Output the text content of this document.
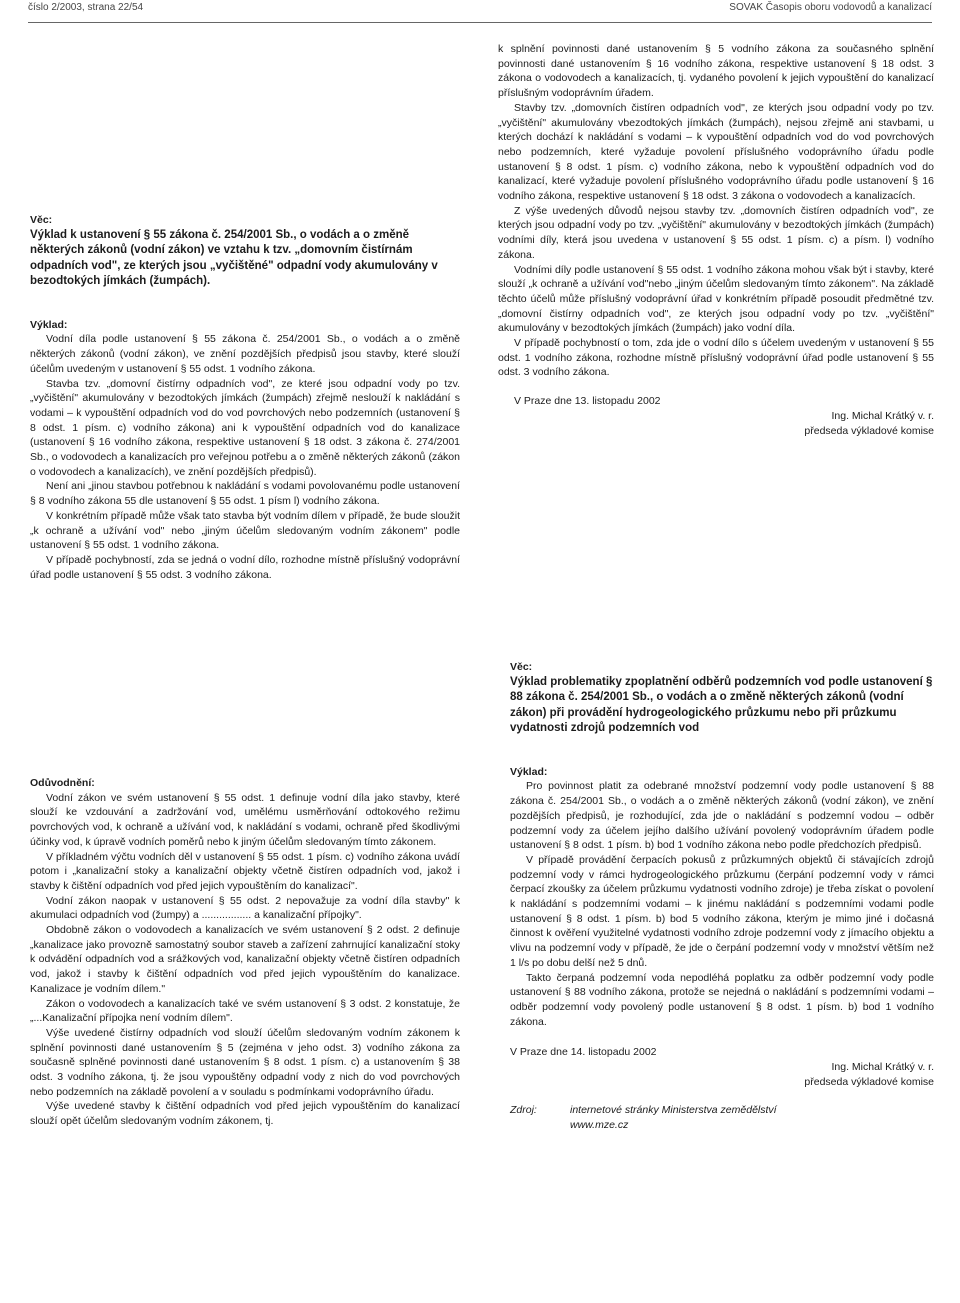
číslo 2/2003, strana 22/54	SOVAK Časopis oboru vodovodů a kanalizací

Věc:

Výklad k ustanovení § 55 zákona č. 254/2001 Sb., o vodách a o změně některých zákonů (vodní zákon) ve vztahu k tzv. „domovním čistírnám odpadních vod", ze kterých jsou „vyčištěné" odpadní vody akumulovány v bezodtokých jímkách (žumpách).

Výklad:

Vodní díla podle ustanovení § 55 zákona č. 254/2001 Sb., o vodách a o změně některých zákonů (vodní zákon), ve znění pozdějších předpisů jsou stavby, které slouží účelům uvedeným v ustanovení § 55 odst. 1 vodního zákona.

Stavba tzv. „domovní čistírny odpadních vod", ze které jsou odpadní vody po tzv. „vyčištění" akumulovány v bezodtokých jímkách (žumpách) zřejmě neslouží k nakládání s vodami – k vypouštění odpadních vod do vod povrchových nebo podzemních (ustanovení § 8 odst. 1 písm. c) vodního zákona) ani k vypouštění odpadních vod do kanalizace (ustanovení § 16 vodního zákona, respektive ustanovení § 18 odst. 3 zákona č. 274/2001 Sb., o vodovodech a kanalizacích pro veřejnou potřebu a o změně některých zákonů (zákon o vodovodech a kanalizacích), ve znění pozdějších předpisů).

Není ani „jinou stavbou potřebnou k nakládání s vodami povolovanému podle ustanovení § 8 vodního zákona 55 dle ustanovení § 55 odst. 1 písm l) vodního zákona.

V konkrétním případě může však tato stavba být vodním dílem v případě, že bude sloužit „k ochraně a užívání vod" nebo „jiným účelům sledovaným vodním zákonem" podle ustanovení § 55 odst. 1 vodního zákona.

V případě pochybností, zda se jedná o vodní dílo, rozhodne místně příslušný vodoprávní úřad podle ustanovení § 55 odst. 3 vodního zákona.

Odůvodnění:

Vodní zákon ve svém ustanovení § 55 odst. 1 definuje vodní díla jako stavby, které slouží ke vzdouvání a zadržování vod, umělému usměrňování odtokového režimu povrchových vod, k ochraně a užívání vod, k nakládání s vodami, ochraně před škodlivými účinky vod, k úpravě vodních poměrů nebo k jiným účelům sledovaným tímto zákonem.

V příkladném výčtu vodních děl v ustanovení § 55 odst. 1 písm. c) vodního zákona uvádí potom i „kanalizační stoky a kanalizační objekty včetně čistíren odpadních vod, jakož i stavby k čištění odpadních vod před jejich vypouštěním do kanalizací".

Vodní zákon naopak v ustanovení § 55 odst. 2 nepovažuje za vodní díla stavby" k akumulaci odpadních vod (žumpy) a ................. a kanalizační přípojky".

Obdobně zákon o vodovodech a kanalizacích ve svém ustanovení § 2 odst. 2 definuje „kanalizace jako provozně samostatný soubor staveb a zařízení zahrnující kanalizační stoky k odvádění odpadních vod a srážkových vod, kanalizační objekty včetně čistíren odpadních vod, jakož i stavby k čištění odpadních vod před jejich vypouštěním do kanalizace. Kanalizace je vodním dílem."

Zákon o vodovodech a kanalizacích také ve svém ustanovení § 3 odst. 2 konstatuje, že „...Kanalizační přípojka není vodním dílem".

Výše uvedené čistírny odpadních vod slouží účelům sledovaným vodním zákonem k splnění povinnosti dané ustanovením § 5 (zejména v jeho odst. 3) vodního zákona za současně splněné povinnosti dané ustanovením § 8 odst. 1 písm. c) a ustanovením § 38 odst. 3 vodního zákona, tj. že jsou vypouštěny odpadní vody z nich do vod povrchových nebo podzemních na základě povolení a v souladu s podmínkami vodoprávního úřadu.

Výše uvedené stavby k čištění odpadních vod před jejich vypouštěním do kanalizací slouží opět účelům sledovaným vodním zákonem, tj.

k splnění povinnosti dané ustanovením § 5 vodního zákona za současného splnění povinnosti dané ustanovením § 16 vodního zákona, respektive ustanovení § 18 odst. 3 zákona o vodovodech a kanalizacích, tj. vydaného povolení k jejich vypouštění do kanalizací příslušným vodoprávním úřadem.

Stavby tzv. „domovních čistíren odpadních vod", ze kterých jsou odpadní vody po tzv. „vyčištění" akumulovány vbezodtokých jímkách (žumpách), nejsou zřejmě ani stavbami, u kterých dochází k nakládání s vodami – k vypouštění odpadních vod do vod povrchových nebo podzemních, které vyžaduje povolení příslušného vodoprávního úřadu podle ustanovení § 8 odst. 1 písm. c) vodního zákona, nebo k vypouštění odpadních vod do kanalizací, které vyžaduje povolení příslušného vodoprávního úřadu podle ustanovení § 16 vodního zákona, respektive ustanovení § 18 odst. 3 zákona o vodovodech a kanalizacích.

Z výše uvedených důvodů nejsou stavby tzv. „domovních čistíren odpadních vod", ze kterých jsou odpadní vody po tzv. „vyčištění" akumulovány v bezodtokých jímkách (žumpách) vodními díly, která jsou uvedena v ustanovení § 55 odst. 1 písm. c) a písm. l) vodního zákona.

Vodními díly podle ustanovení § 55 odst. 1 vodního zákona mohou však být i stavby, které slouží „k ochraně a užívání vod"nebo „jiným účelům sledovaným tímto zákonem". Na základě těchto účelů může příslušný vodoprávní úřad v konkrétním případě posoudit předmětné tzv. „domovní čistírny odpadních vod", ze kterých jsou odpadní vody po tzv. „vyčištění" akumulovány v bezodtokých jímkách (žumpách) jako vodní díla.

V případě pochybností o tom, zda jde o vodní dílo s účelem uvedeným v ustanovení § 55 odst. 1 vodního zákona, rozhodne místně příslušný vodoprávní úřad podle ustanovení § 55 odst. 3 vodního zákona.

V Praze dne 13. listopadu 2002

Ing. Michal Krátký v. r.

předseda výkladové komise

Věc:

Výklad problematiky zpoplatnění odběrů podzemních vod podle ustanovení § 88 zákona č. 254/2001 Sb., o vodách a o změně některých zákonů (vodní zákon) při provádění hydrogeologického průzkumu nebo při průzkumu vydatnosti zdrojů podzemních vod

Výklad:

Pro povinnost platit za odebrané množství podzemní vody podle ustanovení § 88 zákona č. 254/2001 Sb., o vodách a o změně některých zákonů (vodní zákon), ve znění pozdějších předpisů, je rozhodující, zda jde o nakládání s podzemní vodou – odběr podzemní vody za účelem jejího dalšího užívání povolený vodoprávním úřadem podle ustanovení § 8 odst. 1 písm. b) bod 1 vodního zákona nebo podle předchozích předpisů.

V případě provádění čerpacích pokusů z průzkumných objektů či stávajících zdrojů podzemní vody v rámci hydrogeologického průzkumu (čerpání podzemní vody v rámci čerpací zkoušky za účelem průzkumu vydatnosti vodního zdroje) je třeba získat o povolení k nakládání s podzemními vodami – k jinému nakládání s podzemními vodami podle ustanovení § 8 odst. 1 písm. b) bod 5 vodního zákona, kterým je mimo jiné i dočasná činnost k ověření využitelné vydatnosti vodního zdroje podzemní vody z jímacího objektu a vlivu na podzemní vody v případě, že jde o čerpání podzemní vody v množství větším než 1 l/s po dobu delší než 5 dnů.

Takto čerpaná podzemní voda nepodléhá poplatku za odběr podzemní vody podle ustanovení § 88 vodního zákona, protože se nejedná o nakládání s podzemními vodami – odběr podzemní vody povolený podle ustanovení § 8 odst. 1 písm. b) bod 1 vodního zákona.

V Praze dne 14. listopadu 2002

Ing. Michal Krátký v. r.

předseda výkladové komise

Zdroj:	internetové stránky Ministerstva zemědělství

www.mze.cz
